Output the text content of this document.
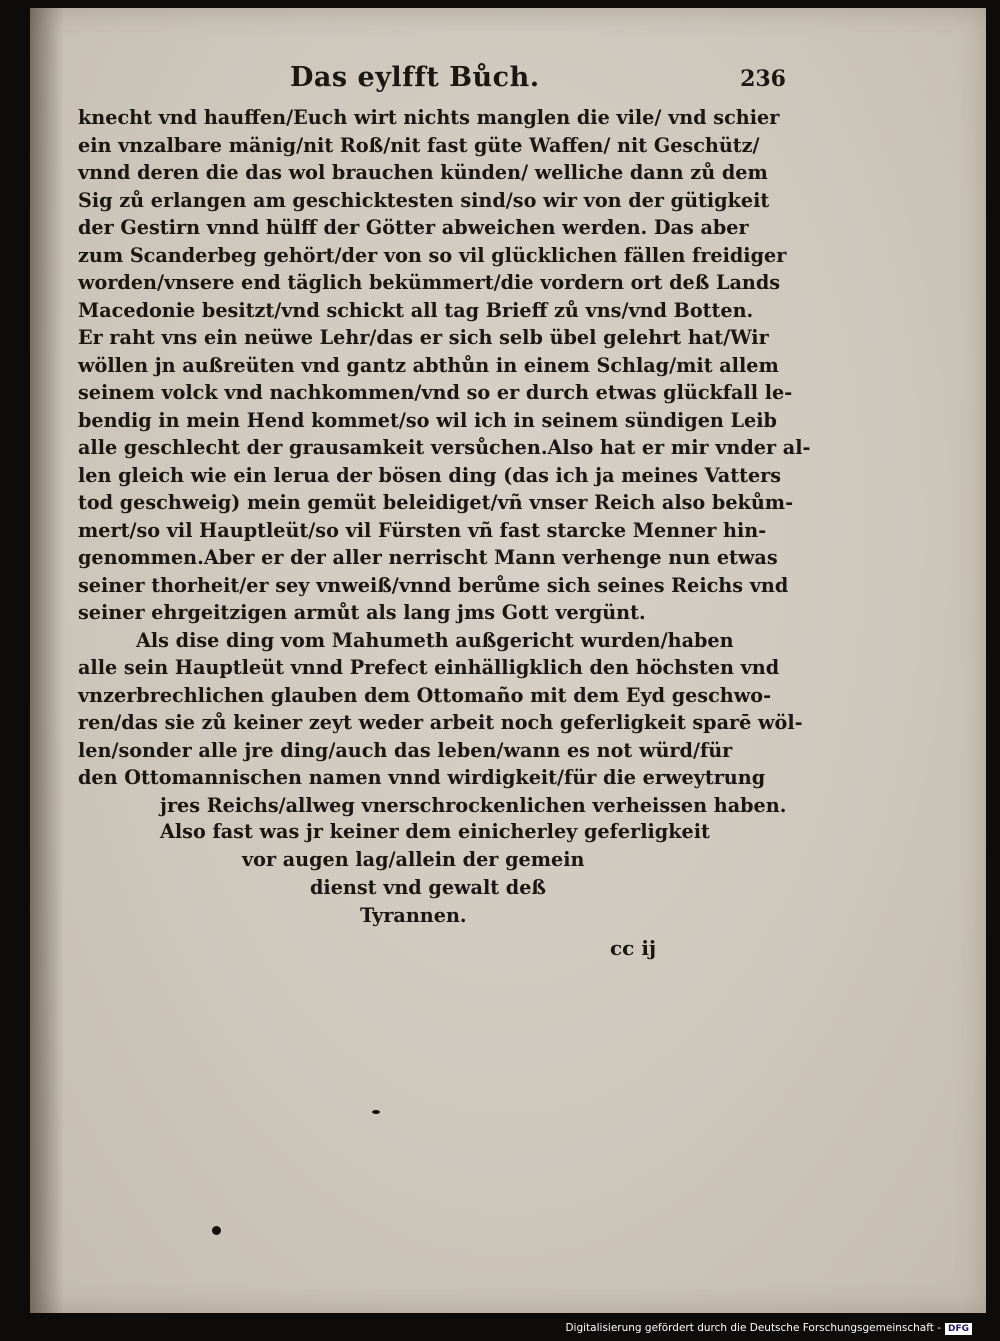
Das eylfft Bůch.	236
knecht vnd hauffen/Euch wirt nichts manglen die vile/ vnd schier
ein vnzalbare mänig/nit Roß/nit fast güte Waffen/ nit Geschütz/
vnnd deren die das wol brauchen künden/ welliche dann zů dem
Sig zů erlangen am geschicktesten sind/so wir von der gütigkeit
der Gestirn vnnd hülff der Götter abweichen werden. Das aber
zum Scanderbeg gehört/der von so vil glücklichen fällen freidiger
worden/vnsere end täglich bekümmert/die vordern ort deß Lands
Macedonie besitzt/vnd schickt all tag Brieff zů vns/vnd Botten.
Er raht vns ein neüwe Lehr/das er sich selb übel gelehrt hat/Wir
wöllen jn außreüten vnd gantz abthůn in einem Schlag/mit allem
seinem volck vnd nachkommen/vnd so er durch etwas glückfall le-
bendig in mein Hend kommet/so wil ich in seinem sündigen Leib
alle geschlecht der grausamkeit versůchen.Also hat er mir vnder al-
len gleich wie ein lerua der bösen ding (das ich ja meines Vatters
tod geschweig) mein gemüt beleidiget/vñ vnser Reich also bekům-
mert/so vil Hauptleüt/so vil Fürsten vñ fast starcke Menner hin-
genommen.Aber er der aller nerrischt Mann verhenge nun etwas
seiner thorheit/er sey vnweiß/vnnd berůme sich seines Reichs vnd
seiner ehrgeitzigen armůt als lang jms Gott vergünt.
Als dise ding vom Mahumeth außgericht wurden/haben
alle sein Hauptleüt vnnd Prefect einhälligklich den höchsten vnd
vnzerbrechlichen glauben dem Ottomaño mit dem Eyd geschwo-
ren/das sie zů keiner zeyt weder arbeit noch geferligkeit sparē wöl-
len/sonder alle jre ding/auch das leben/wann es not würd/für
den Ottomannischen namen vnnd wirdigkeit/für die erweytrung
jres Reichs/allweg vnerschrockenlichen verheissen haben.
Also fast was jr keiner dem einicherley geferligkeit
vor augen lag/allein der gemein
dienst vnd gewalt deß
Tyrannen.
cc ij
Digitalisierung gefördert durch die Deutsche Forschungsgemeinschaft - DFG
